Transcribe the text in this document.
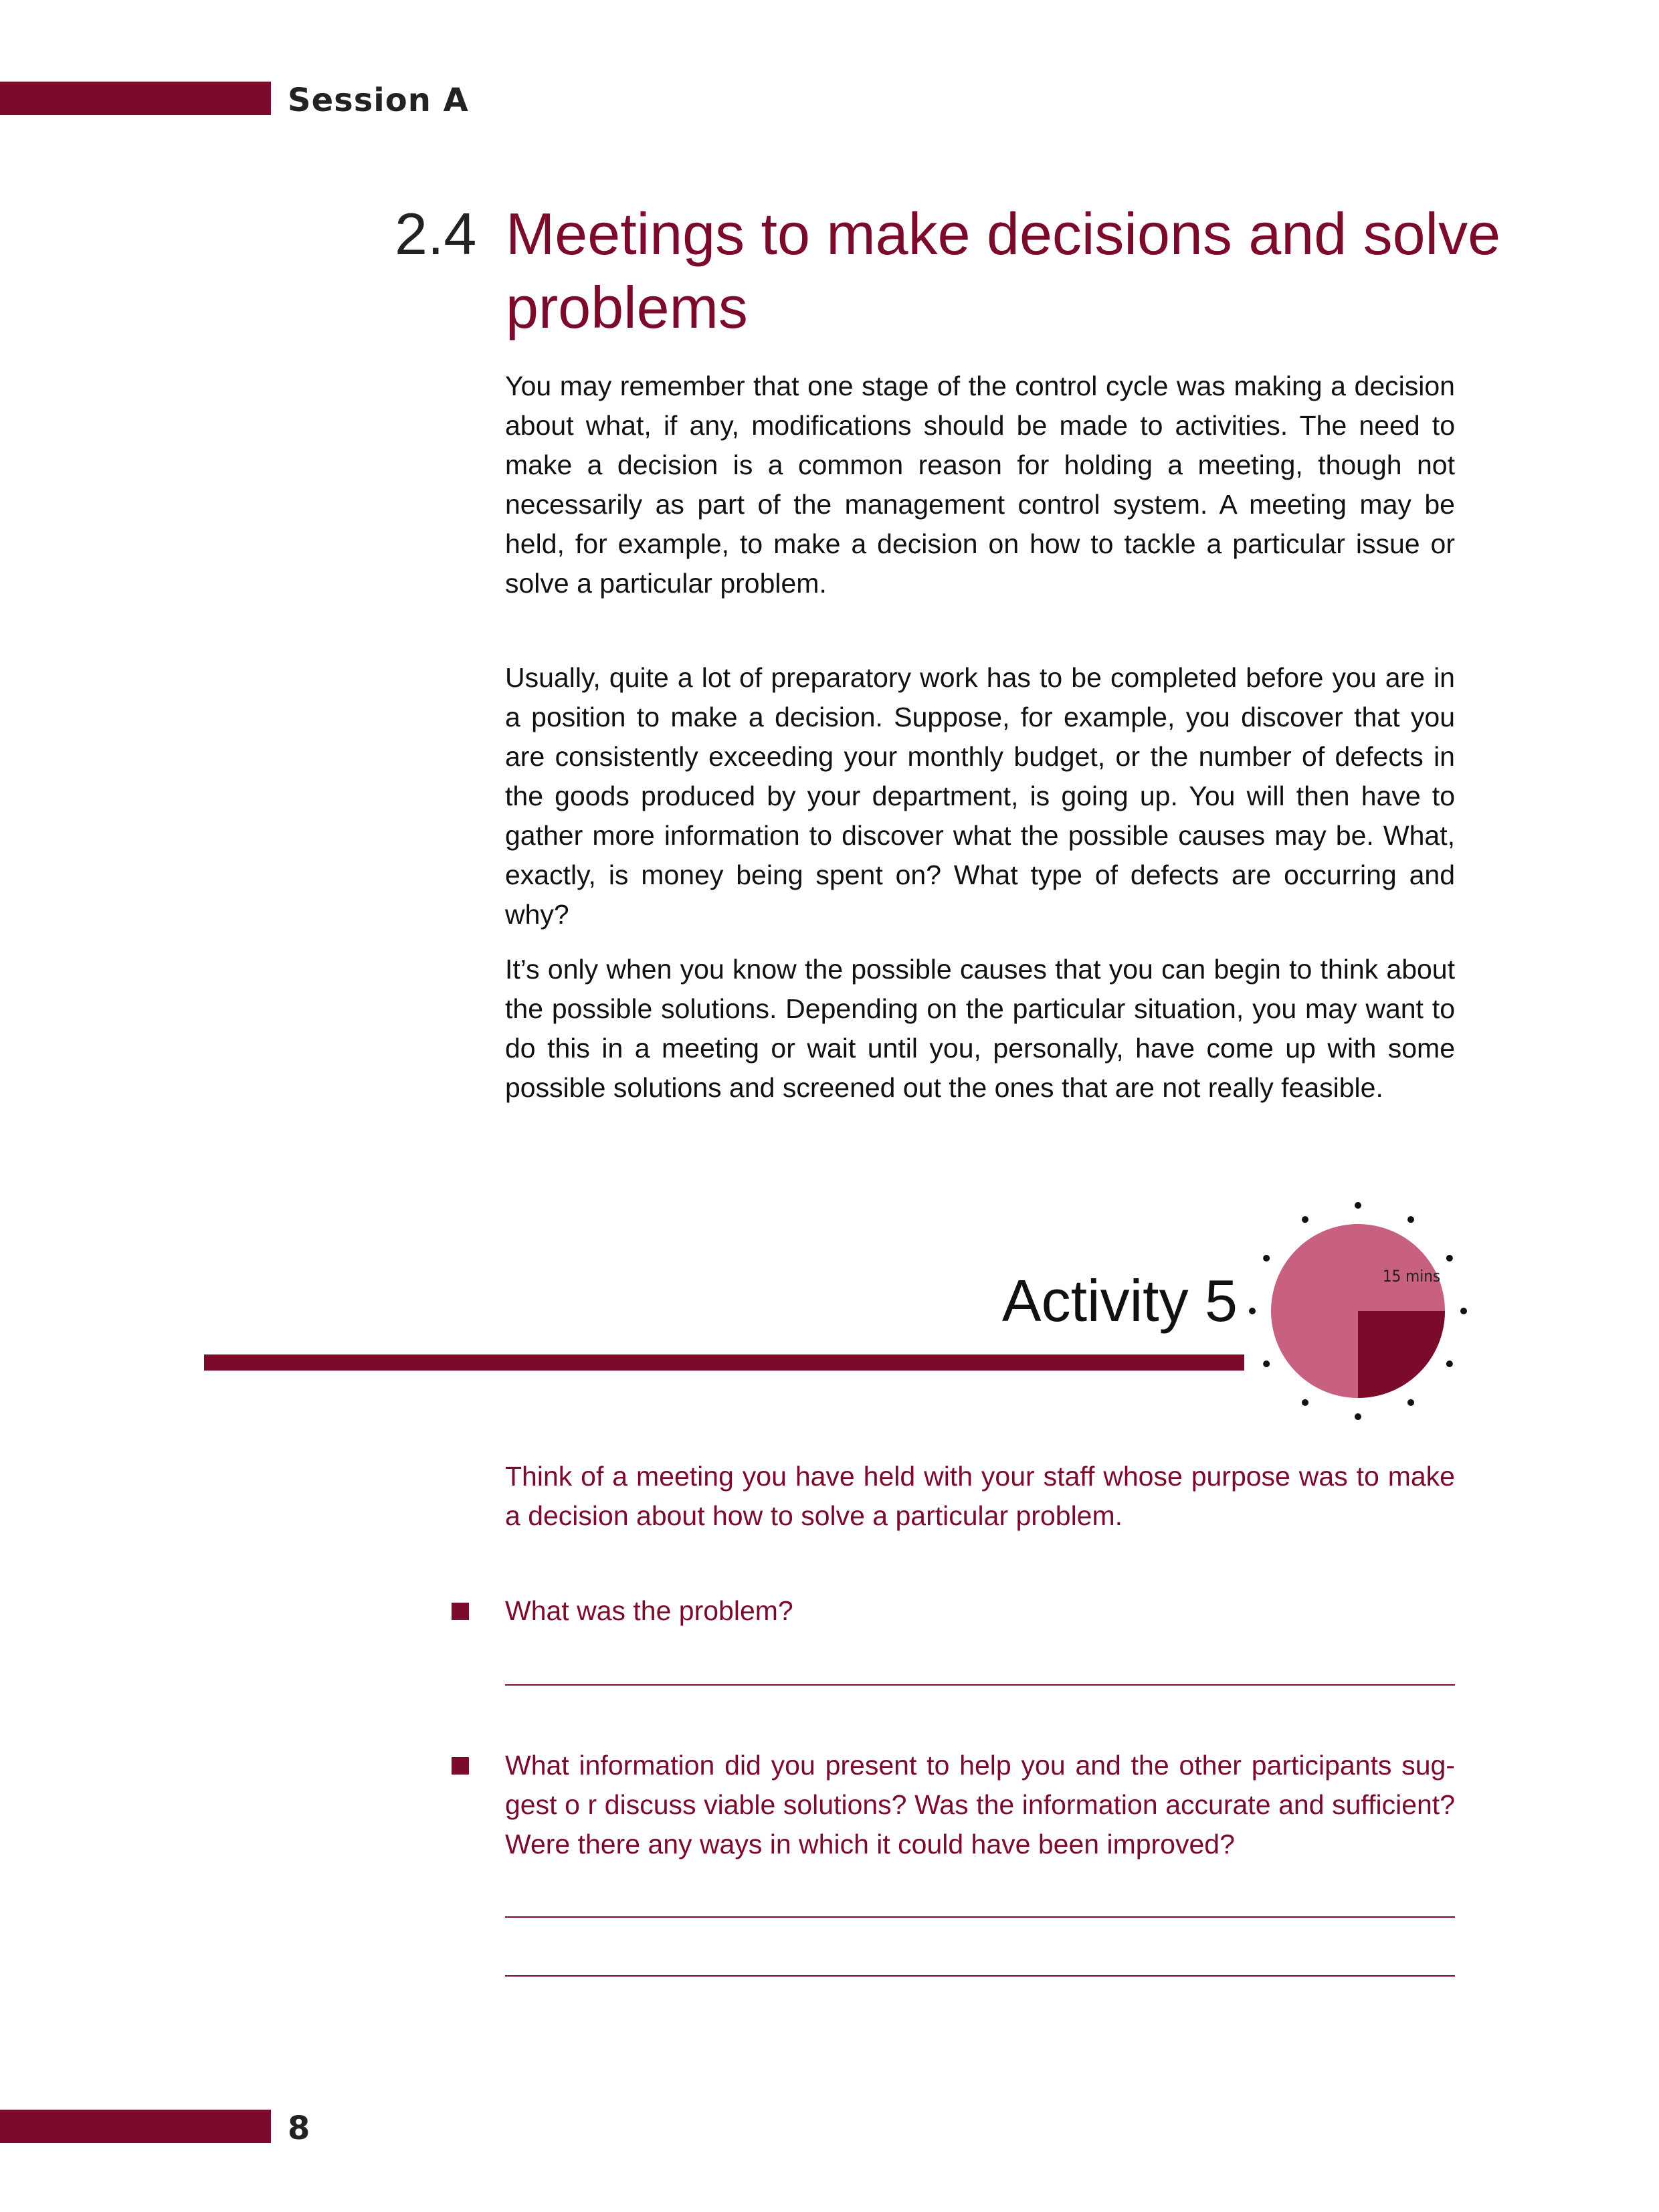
Session A
2.4 Meetings to make decisions and solve problems

You may remember that one stage of the control cycle was making a decision about what, if any, modifications should be made to activities. The need to make a decision is a common reason for holding a meeting, though not necessarily as part of the management control system. A meeting may be held, for example, to make a decision on how to tackle a particular issue or solve a particular problem.

Usually, quite a lot of preparatory work has to be completed before you are in a position to make a decision. Suppose, for example, you discover that you are consistently exceeding your monthly budget, or the number of defects in the goods produced by your department, is going up. You will then have to gather more information to discover what the possible causes may be. What, exactly, is money being spent on? What type of defects are occurring and why?

It’s only when you know the possible causes that you can begin to think about the possible solutions. Depending on the particular situation, you may want to do this in a meeting or wait until you, personally, have come up with some possible solutions and screened out the ones that are not really feasible.

Activity 5	15 mins

Think of a meeting you have held with your staff whose purpose was to make a decision about how to solve a particular problem.

What was the problem?

What information did you present to help you and the other participants sug-gest o r discuss viable solutions? Was the information accurate and sufficient? Were there any ways in which it could have been improved?

8
